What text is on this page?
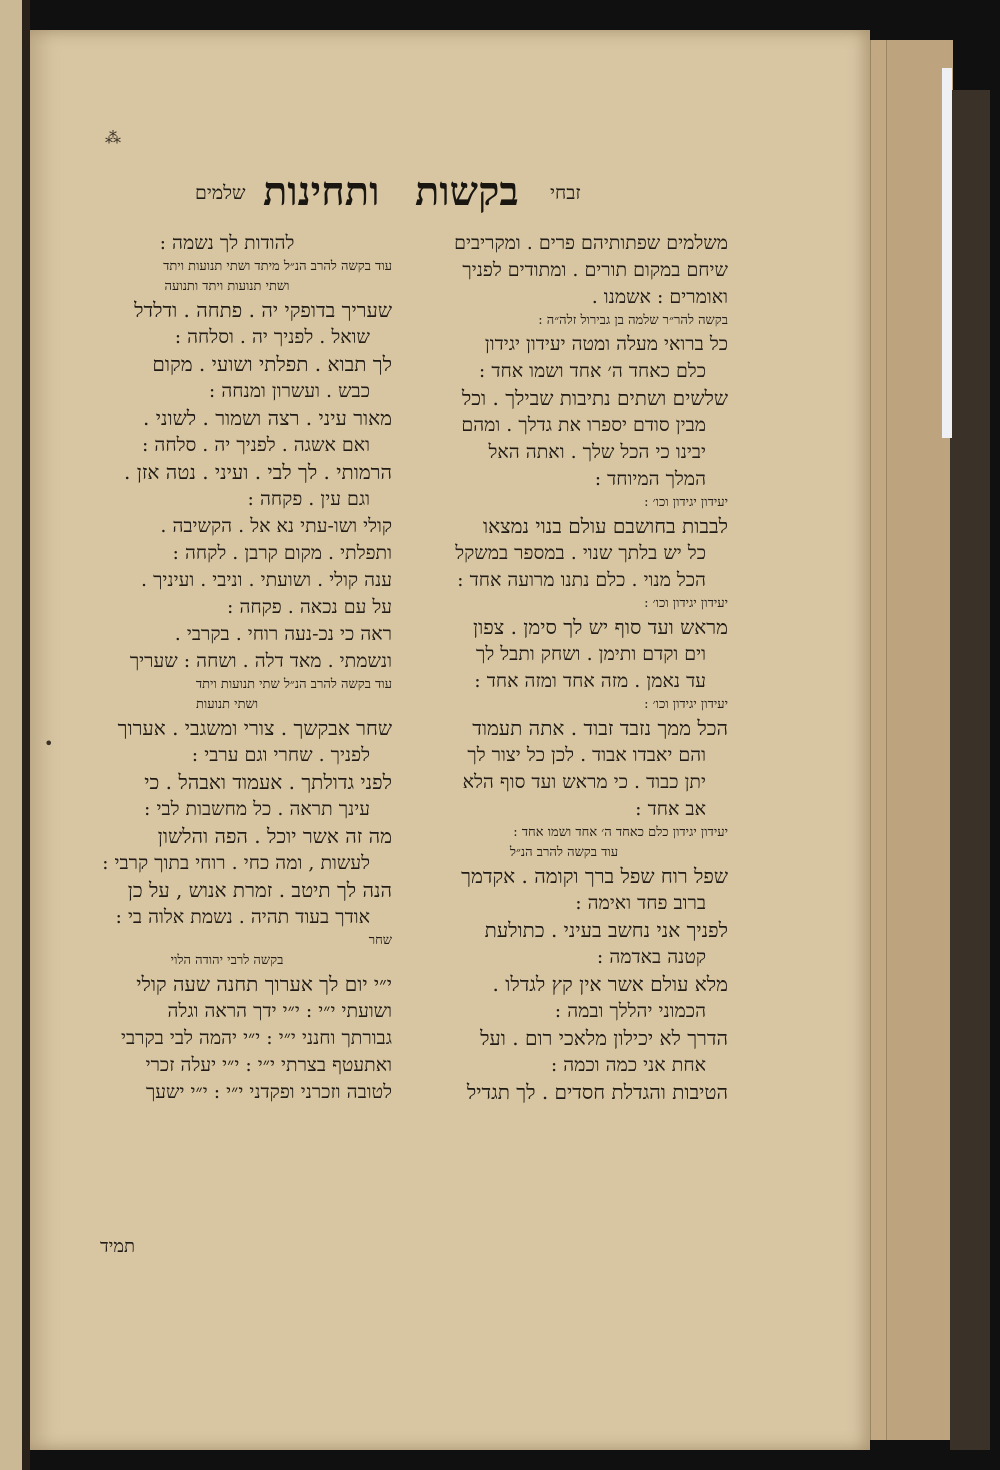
שלמים ותחינות בקשות זבחי
משלמים שפתותיהם פרים . ומקריבים
שיחם במקום תורים . ומתודים לפניך
ואומרים : אשמנו .
בקשה להר״ר שלמה בן גבירול זלה״ה :
כל ברואי מעלה ומטה יעידון יגידון
כלם כאחד ה׳ אחד ושמו אחד :
שלשים ושתים נתיבות שבילך . וכל
מבין סודם יספרו את גדלך . ומהם
יבינו כי הכל שלך . ואתה האל
המלך המיוחד :
יעידון יגידון וכו׳ :
לבבות בחושבם עולם בנוי נמצאו
כל יש בלתך שנוי . במספר במשקל
הכל מנוי . כלם נתנו מרועה אחד :
יעידון יגידון וכו׳ :
מראש ועד סוף יש לך סימן . צפון
וים וקדם ותימן . ושחק ותבל לך
עד נאמן . מזה אחד ומזה אחד :
יעידון יגידון וכו׳ :
הכל ממך נזבד זבוד . אתה תעמוד
והם יאבדו אבוד . לכן כל יצור לך
יתן כבוד . כי מראש ועד סוף הלא
אב אחד :
יעידון יגידון כלם כאחד ה׳ אחד ושמו אחד :
עוד בקשה להרב הנ״ל
שפל רוח שפל ברך וקומה . אקדמך
ברוב פחד ואימה :
לפניך אני נחשב בעיני . כתולעת
קטנה באדמה :
מלא עולם אשר אין קץ לגדלו .
הכמוני יהללך ובמה :
הדרך לא יכילון מלאכי רום . ועל
אחת אני כמה וכמה :
הטיבות והגדלת חסדים . לך תגדיל
להודות לך נשמה :
עוד בקשה להרב הנ״ל מיתד ושתי תנועות ויתד
ושתי תנועות ויתד ותנועה
שעריך בדופקי יה . פתחה . ודלדל
שואל . לפניך יה . וסלחה :
לך תבוא . תפלתי ושועי . מקום
כבש . ועשרון ומנחה :
מאור עיני . רצה ושמור . לשוני .
ואם אשגה . לפניך יה . סלחה :
הרמותי . לך לבי . ועיני . נטה אזן .
וגם עין . פקחה :
קולי ושו-עתי נא אל . הקשיבה .
ותפלתי . מקום קרבן . לקחה :
ענה קולי . ושועתי . וניבי . ועיניך .
על עם נכאה . פקחה :
ראה כי נכ-נעה רוחי . בקרבי .
ונשמתי . מאד דלה . ושחה : שעריך
עוד בקשה להרב הנ״ל שתי תנועות ויתד
ושתי תנועות
שחר אבקשך . צורי ומשגבי . אערוך
לפניך . שחרי וגם ערבי :
לפני גדולתך . אעמוד ואבהל . כי
עינך תראה . כל מחשבות לבי :
מה זה אשר יוכל . הפה והלשון
לעשות , ומה כחי . רוחי בתוך קרבי :
הנה לך תיטב . זמרת אנוש , על כן
אודך בעוד תהיה . נשמת אלוה בי :
שחר
בקשה לרבי יהודה הלוי
י״י יום לך אערוך תחנה שעה קולי
ושועתי י״י : י״י ידך הראה וגלה
גבורתך וחנני י״י : י״י יהמה לבי בקרבי
ואתעטף בצרתי י״י : י״י יעלה זכרי
לטובה וזכרני ופקדני י״י : י״י ישעך
תמיד
⁂
•
